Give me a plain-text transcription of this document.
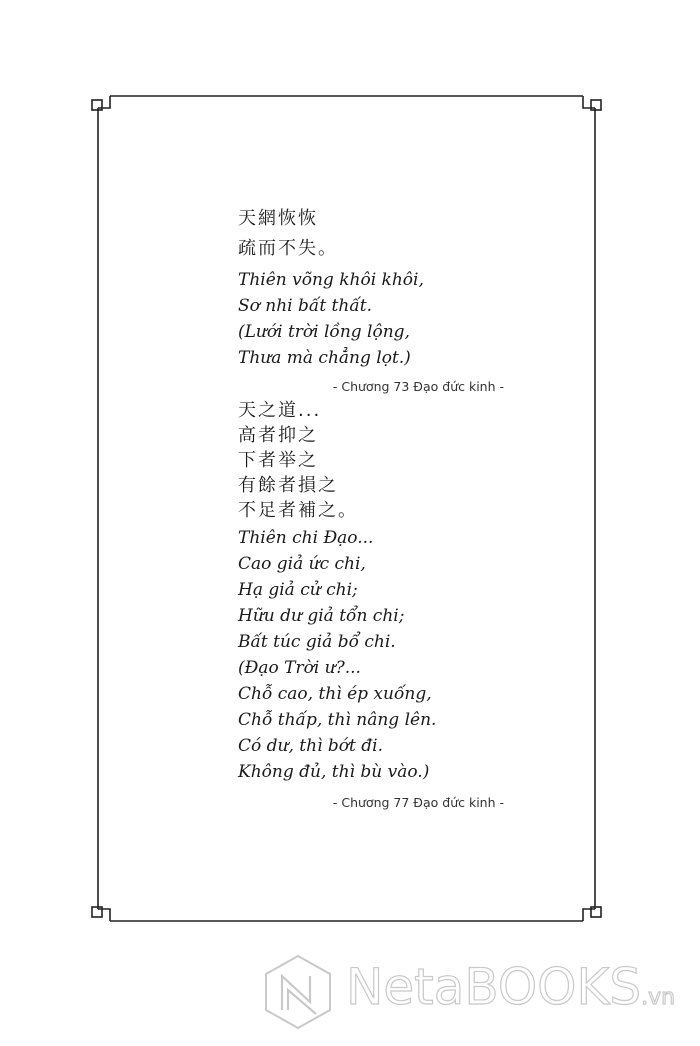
天網恢恢
疏而不失。
Thiên võng khôi khôi,
Sơ nhi bất thất.
(Lưới trời lồng lộng,
Thưa mà chẳng lọt.)
- Chương 73 Đạo đức kinh -
天之道...
高者抑之
下者举之
有餘者損之
不足者補之。
Thiên chi Đạo...
Cao giả ức chi,
Hạ giả cử chi;
Hữu dư giả tổn chi;
Bất túc giả bổ chi.
(Đạo Trời ư?...
Chỗ cao, thì ép xuống,
Chỗ thấp, thì nâng lên.
Có dư, thì bớt đi.
Không đủ, thì bù vào.)
- Chương 77 Đạo đức kinh -
NetaBOOKS.vn
